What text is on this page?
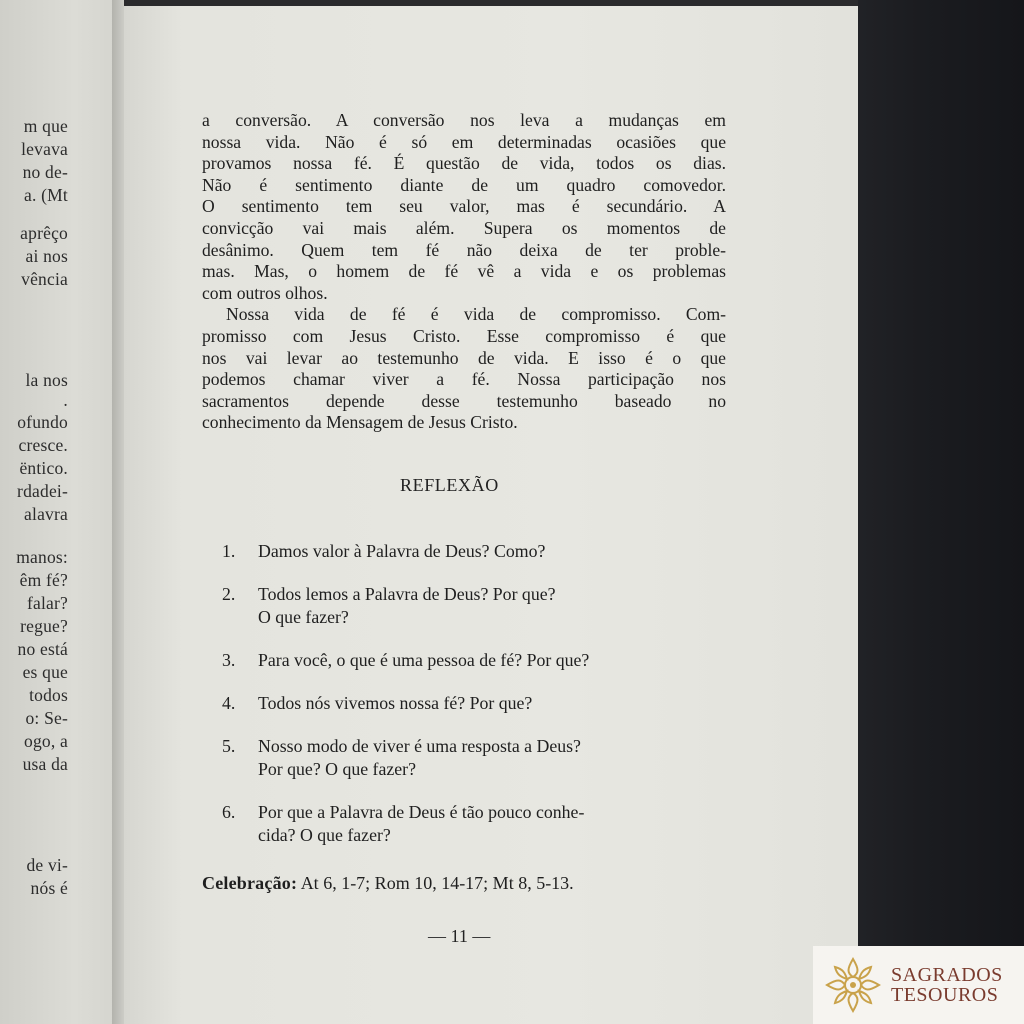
m que
levava
no de-
a. (Mt
aprêço
ai nos
vência
la nos
.
ofundo
cresce.
ëntico.
rdadei-
alavra
manos:
êm fé?
falar?
regue?
no está
es que
todos
o: Se-
ogo, a
usa da
de vi-
nós é
a conversão. A conversão nos leva a mudanças em
nossa vida. Não é só em determinadas ocasiões que
provamos nossa fé. É questão de vida, todos os dias.
Não é sentimento diante de um quadro comovedor.
O sentimento tem seu valor, mas é secundário. A
convicção vai mais além. Supera os momentos de
desânimo. Quem tem fé não deixa de ter proble-
mas. Mas, o homem de fé vê a vida e os problemas
com outros olhos.
Nossa vida de fé é vida de compromisso. Com-
promisso com Jesus Cristo. Esse compromisso é que
nos vai levar ao testemunho de vida. E isso é o que
podemos chamar viver a fé. Nossa participação nos
sacramentos depende desse testemunho baseado no
conhecimento da Mensagem de Jesus Cristo.
REFLEXÃO
1. Damos valor à Palavra de Deus? Como?
2. Todos lemos a Palavra de Deus? Por que?
O que fazer?
3. Para você, o que é uma pessoa de fé? Por que?
4. Todos nós vivemos nossa fé? Por que?
5. Nosso modo de viver é uma resposta a Deus?
Por que? O que fazer?
6. Por que a Palavra de Deus é tão pouco conhe-
cida? O que fazer?
Celebração: At 6, 1-7; Rom 10, 14-17; Mt 8, 5-13.
— 11 —
SAGRADOS
TESOUROS
